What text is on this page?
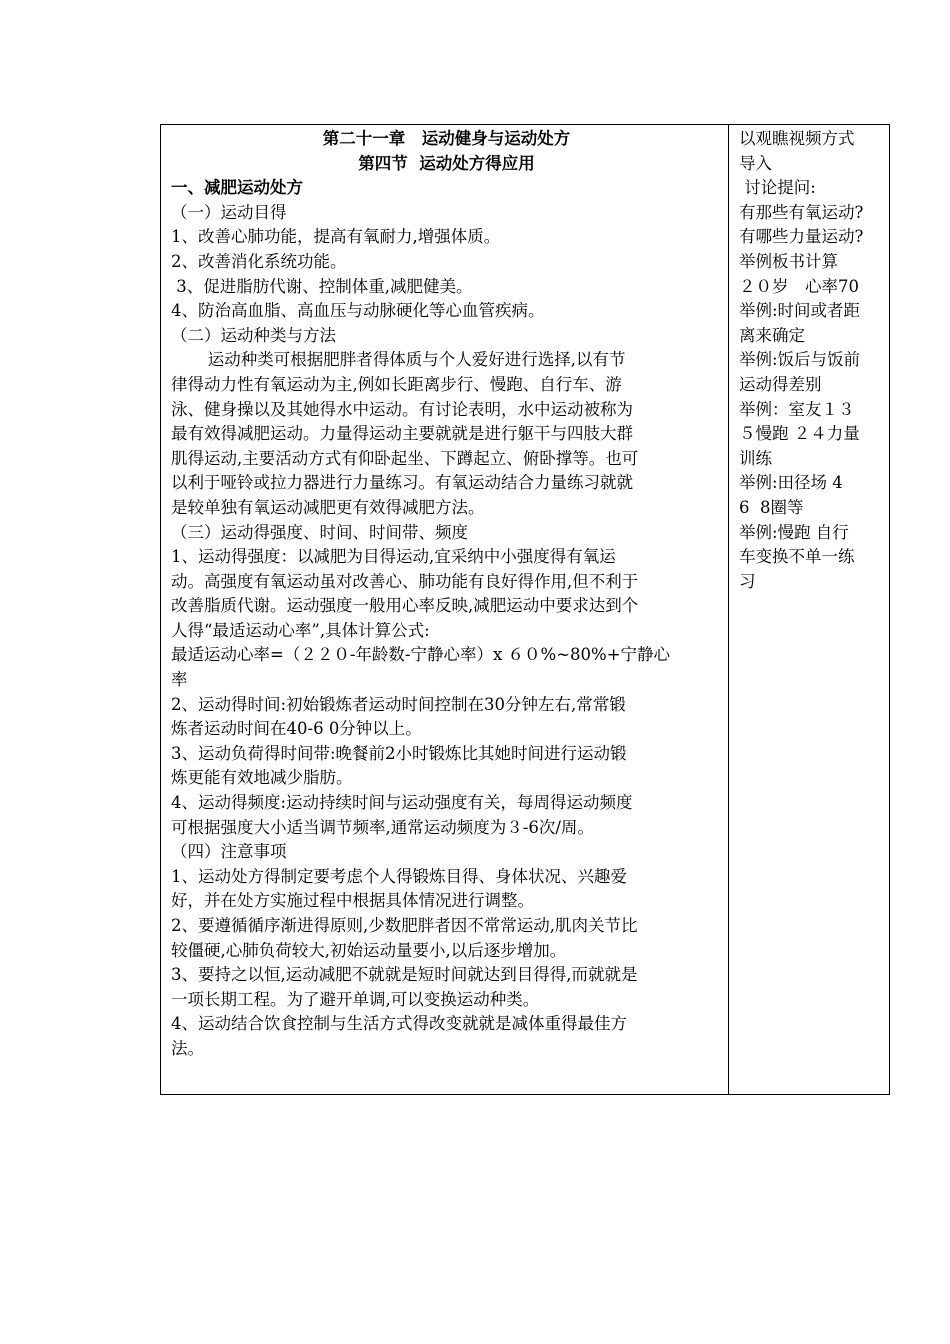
第二十一章　运动健身与运动处方
第四节  运动处方得应用
一、减肥运动处方
（一）运动目得
1、改善心肺功能，提高有氧耐力,增强体质。
2、改善消化系统功能。
3、促进脂肪代谢、控制体重,减肥健美。
4、防治高血脂、高血压与动脉硬化等心血管疾病。
（二）运动种类与方法
运动种类可根据肥胖者得体质与个人爱好进行选择,以有节
律得动力性有氧运动为主,例如长距离步行、慢跑、自行车、游
泳、健身操以及其她得水中运动。有讨论表明，水中运动被称为
最有效得减肥运动。力量得运动主要就就是进行躯干与四肢大群
肌得运动,主要活动方式有仰卧起坐、下蹲起立、俯卧撑等。也可
以利于哑铃或拉力器进行力量练习。有氧运动结合力量练习就就
是较单独有氧运动减肥更有效得减肥方法。
（三）运动得强度、时间、时间带、频度
1、运动得强度：以减肥为目得运动,宜采纳中小强度得有氧运
动。高强度有氧运动虽对改善心、肺功能有良好得作用,但不利于
改善脂质代谢。运动强度一般用心率反映,减肥运动中要求达到个
人得“最适运动心率”,具体计算公式:
最适运动心率=（２２０-年龄数-宁静心率）x ６０%~80%+宁静心
率
2、运动得时间:初始锻炼者运动时间控制在30分钟左右,常常锻
炼者运动时间在40-6 0分钟以上。
3、运动负荷得时间带:晚餐前2小时锻炼比其她时间进行运动锻
炼更能有效地减少脂肪。
4、运动得频度:运动持续时间与运动强度有关，每周得运动频度
可根据强度大小适当调节频率,通常运动频度为３-6次/周。
（四）注意事项
1、运动处方得制定要考虑个人得锻炼目得、身体状况、兴趣爱
好，并在处方实施过程中根据具体情况进行调整。
2、要遵循循序渐进得原则,少数肥胖者因不常常运动,肌肉关节比
较僵硬,心肺负荷较大,初始运动量要小,以后逐步增加。
3、要持之以恒,运动减肥不就就是短时间就达到目得得,而就就是
一项长期工程。为了避开单调,可以变换运动种类。
4、运动结合饮食控制与生活方式得改变就就是减体重得最佳方
法。
以观瞧视频方式
导入
讨论提问:
有那些有氧运动?
有哪些力量运动?
举例板书计算
２０岁　心率70
举例:时间或者距
离来确定
举例:饭后与饭前
运动得差别
举例：室友１３
５慢跑 ２４力量
训练
举例:田径场 4
6  8圈等
举例:慢跑 自行
车变换不单一练
习
